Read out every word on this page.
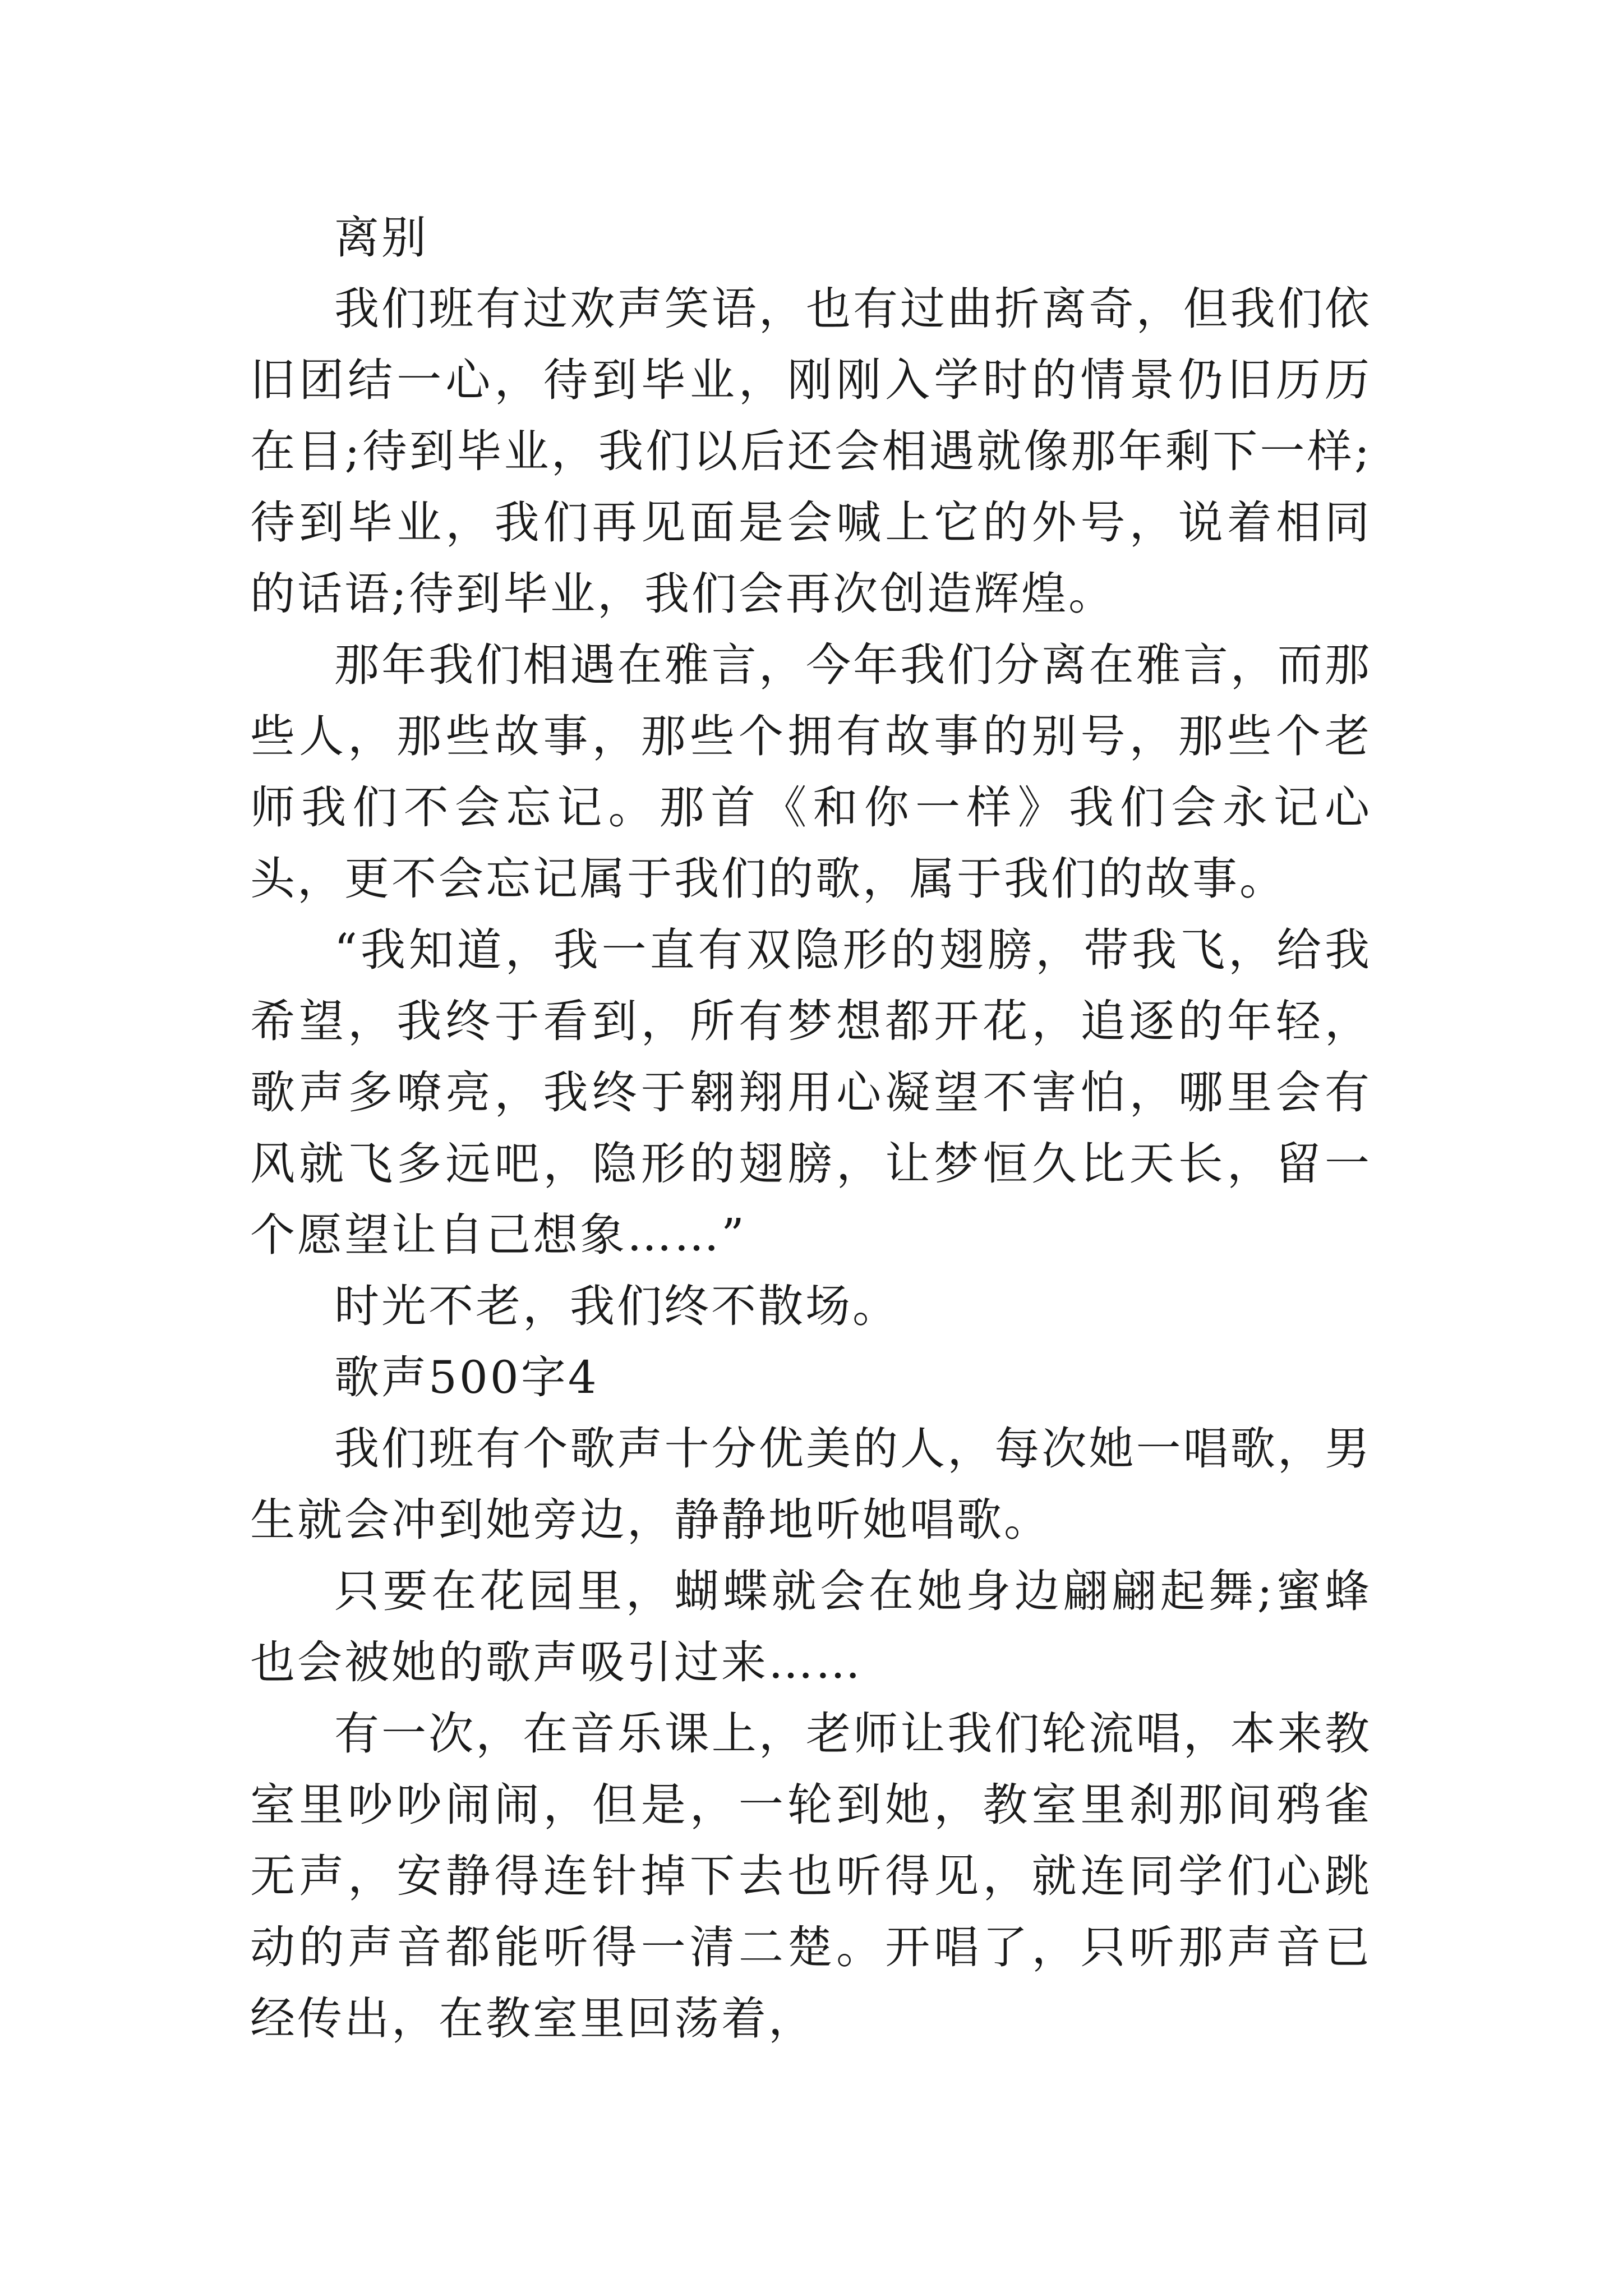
离别

我们班有过欢声笑语，也有过曲折离奇，但我们依旧团结一心，待到毕业，刚刚入学时的情景仍旧历历在目;待到毕业，我们以后还会相遇就像那年剩下一样;待到毕业，我们再见面是会喊上它的外号，说着相同的话语;待到毕业，我们会再次创造辉煌。

那年我们相遇在雅言，今年我们分离在雅言，而那些人，那些故事，那些个拥有故事的别号，那些个老师我们不会忘记。那首《和你一样》我们会永记心头，更不会忘记属于我们的歌，属于我们的故事。

“我知道，我一直有双隐形的翅膀，带我飞，给我希望，我终于看到，所有梦想都开花，追逐的年轻，歌声多嘹亮，我终于翱翔用心凝望不害怕，哪里会有风就飞多远吧，隐形的翅膀，让梦恒久比天长，留一个愿望让自己想象……”

时光不老，我们终不散场。

歌声500字4

我们班有个歌声十分优美的人，每次她一唱歌，男生就会冲到她旁边，静静地听她唱歌。

只要在花园里，蝴蝶就会在她身边翩翩起舞;蜜蜂也会被她的歌声吸引过来……

有一次，在音乐课上，老师让我们轮流唱，本来教室里吵吵闹闹，但是，一轮到她，教室里刹那间鸦雀无声，安静得连针掉下去也听得见，就连同学们心跳动的声音都能听得一清二楚。开唱了，只听那声音已经传出，在教室里回荡着，
